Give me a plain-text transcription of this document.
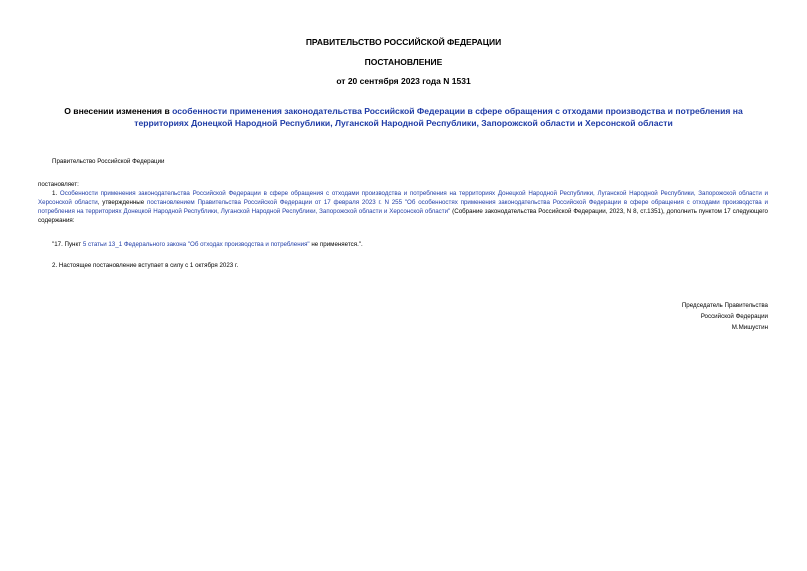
ПРАВИТЕЛЬСТВО РОССИЙСКОЙ ФЕДЕРАЦИИ
ПОСТАНОВЛЕНИЕ
от 20 сентября 2023 года N 1531
О внесении изменения в особенности применения законодательства Российской Федерации в сфере обращения с отходами производства и потребления на территориях Донецкой Народной Республики, Луганской Народной Республики, Запорожской области и Херсонской области
Правительство Российской Федерации
постановляет:
1. Особенности применения законодательства Российской Федерации в сфере обращения с отходами производства и потребления на территориях Донецкой Народной Республики, Луганской Народной Республики, Запорожской области и Херсонской области, утвержденные постановлением Правительства Российской Федерации от 17 февраля 2023 г. N 255 "Об особенностях применения законодательства Российской Федерации в сфере обращения с отходами производства и потребления на территориях Донецкой Народной Республики, Луганской Народной Республики, Запорожской области и Херсонской области" (Собрание законодательства Российской Федерации, 2023, N 8, ст.1351), дополнить пунктом 17 следующего содержания:
"17. Пункт 5 статьи 13_1 Федерального закона "Об отходах производства и потребления" не применяется.".
2. Настоящее постановление вступает в силу с 1 октября 2023 г.
Председатель Правительства
Российской Федерации
М.Мишустин
